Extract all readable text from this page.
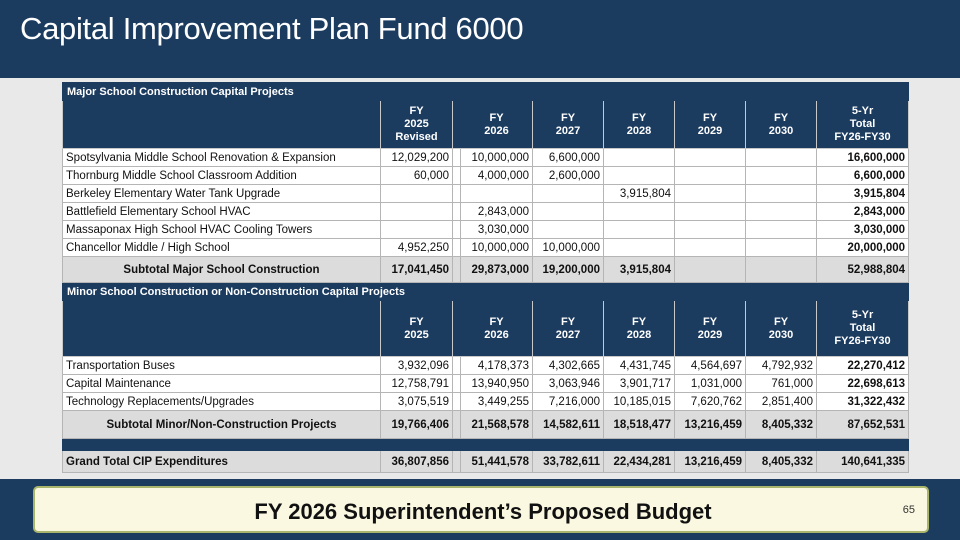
Capital Improvement Plan Fund 6000
Major School Construction Capital Projects								
	FY
2025
Revised		FY
2026	FY
2027	FY
2028	FY
2029	FY
2030	5-Yr
Total
FY26-FY30
Spotsylvania Middle School Renovation & Expansion	12,029,200		10,000,000	6,600,000				16,600,000
Thornburg Middle School Classroom Addition	60,000		4,000,000	2,600,000				6,600,000
Berkeley Elementary Water Tank Upgrade					3,915,804			3,915,804
Battlefield Elementary School HVAC			2,843,000					2,843,000
Massaponax High School HVAC Cooling Towers			3,030,000					3,030,000
Chancellor Middle / High School	4,952,250		10,000,000	10,000,000				20,000,000
Subtotal Major School Construction	17,041,450		29,873,000	19,200,000	3,915,804			52,988,804
Minor School Construction or Non-Construction Capital Projects								
	FY
2025		FY
2026	FY
2027	FY
2028	FY
2029	FY
2030	5-Yr
Total
FY26-FY30
Transportation Buses	3,932,096		4,178,373	4,302,665	4,431,745	4,564,697	4,792,932	22,270,412
Capital Maintenance	12,758,791		13,940,950	3,063,946	3,901,717	1,031,000	761,000	22,698,613
Technology Replacements/Upgrades	3,075,519		3,449,255	7,216,000	10,185,015	7,620,762	2,851,400	31,322,432
Subtotal Minor/Non-Construction Projects	19,766,406		21,568,578	14,582,611	18,518,477	13,216,459	8,405,332	87,652,531

Grand Total CIP Expenditures	36,807,856		51,441,578	33,782,611	22,434,281	13,216,459	8,405,332	140,641,335
FY 2026 Superintendent’s Proposed Budget	65
